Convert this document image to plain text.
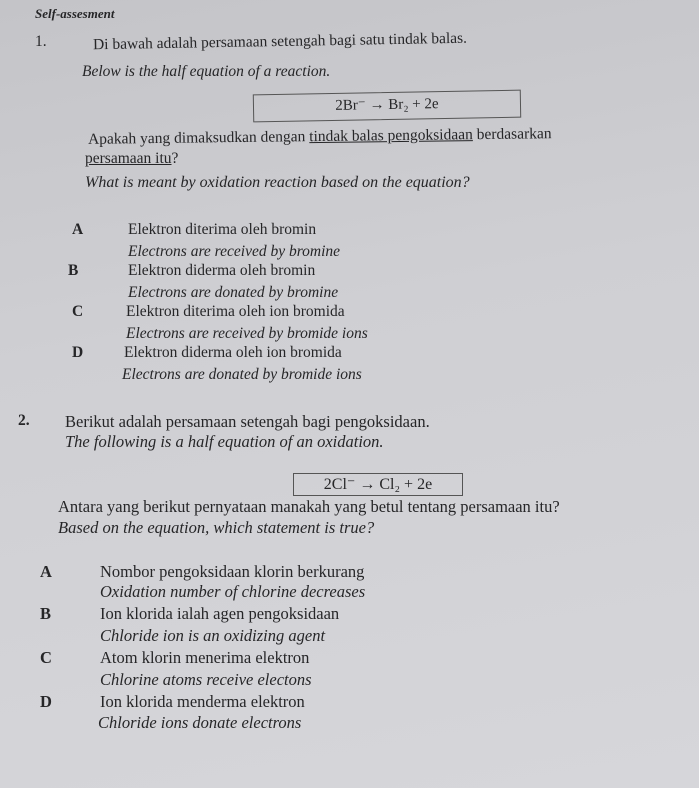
Self-assesment
1.	Di bawah adalah persamaan setengah bagi satu tindak balas.
Below is the half equation of a reaction.
2Br⁻ → Br₂ + 2e
Apakah yang dimaksudkan dengan tindak balas pengoksidaan berdasarkan
persamaan itu?
What is meant by oxidation reaction based on the equation?
A	Elektron diterima oleh bromin
Electrons are received by bromine
B	Elektron diderma oleh bromin
Electrons are donated by bromine
C	Elektron diterima oleh ion bromida
Electrons are received by bromide ions
D	Elektron diderma oleh ion bromida
Electrons are donated by bromide ions
2. Berikut adalah persamaan setengah bagi pengoksidaan.
The following is a half equation of an oxidation.
2Cl⁻ → Cl₂ + 2e
Antara yang berikut pernyataan manakah yang betul tentang persamaan itu?
Based on the equation, which statement is true?
A	Nombor pengoksidaan klorin berkurang
Oxidation number of chlorine decreases
B	Ion klorida ialah agen pengoksidaan
Chloride ion is an oxidizing agent
C	Atom klorin menerima elektron
Chlorine atoms receive electons
D	Ion klorida menderma elektron
Chloride ions donate electrons
